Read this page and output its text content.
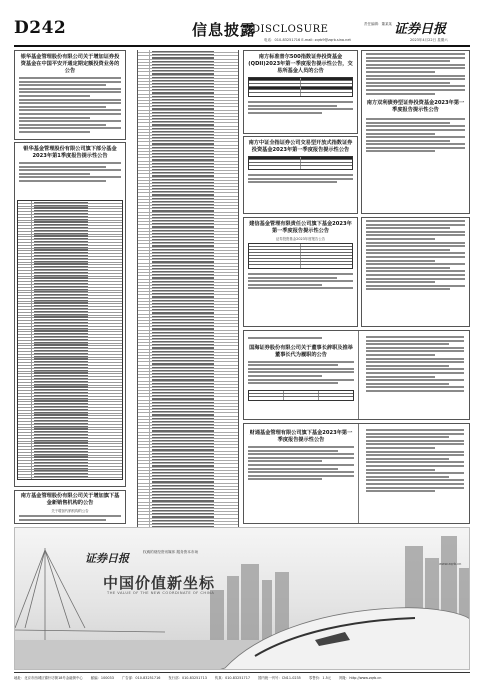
D242	信息披露
DISCLOSURE	责任编辑：董某某 证券日报
电话：010-83251716 E-mail: zqrb9@zqrb.sina.net	2023年4月22日 星期六
银华基金管理股份有限公司关于增加证券投资基金在中国平安开通定期定额投资业务的公告
银华基金管理股份有限公司旗下部分基金2023年第1季度报告提示性公告
南方基金管理股份有限公司关于增加旗下基金新销售机构的公告
关于增加代销机构的公告
南方标准普尔500指数证券投资基金(QDII)2023年第一季度报告提示性公告，交易所基金人员的公告
南方中证全指证券公司交易型开放式指数证券投资基金2023年第一季度报告提示性公告
南方双利债券型证券投资基金2023年第一季度报告提示性公告
建信基金管理有限责任公司旗下基金2023年第一季度报告提示性公告
证券投资基金2023年度报告公告
国海证券股份有限公司关于董事长辞职及推举董事长代为履职的公告
财通基金管理有限公司旗下基金2023年第一季度报告提示性公告
证券日报	权威的财经资讯媒体 服务资本市场
中国价值新坐标
THE VALUE OF THE NEW COORDINATE OF CHINA
www.zqrb.cn
地址：北京市西城区锦什坊街18号金融街中心 邮编：100033 广告部：010-83251716 发行部：010-83251713 传真：010-83251717 国内统一刊号：CN11-0235 零售价：1.5元 网址：http://www.zqrb.cn
